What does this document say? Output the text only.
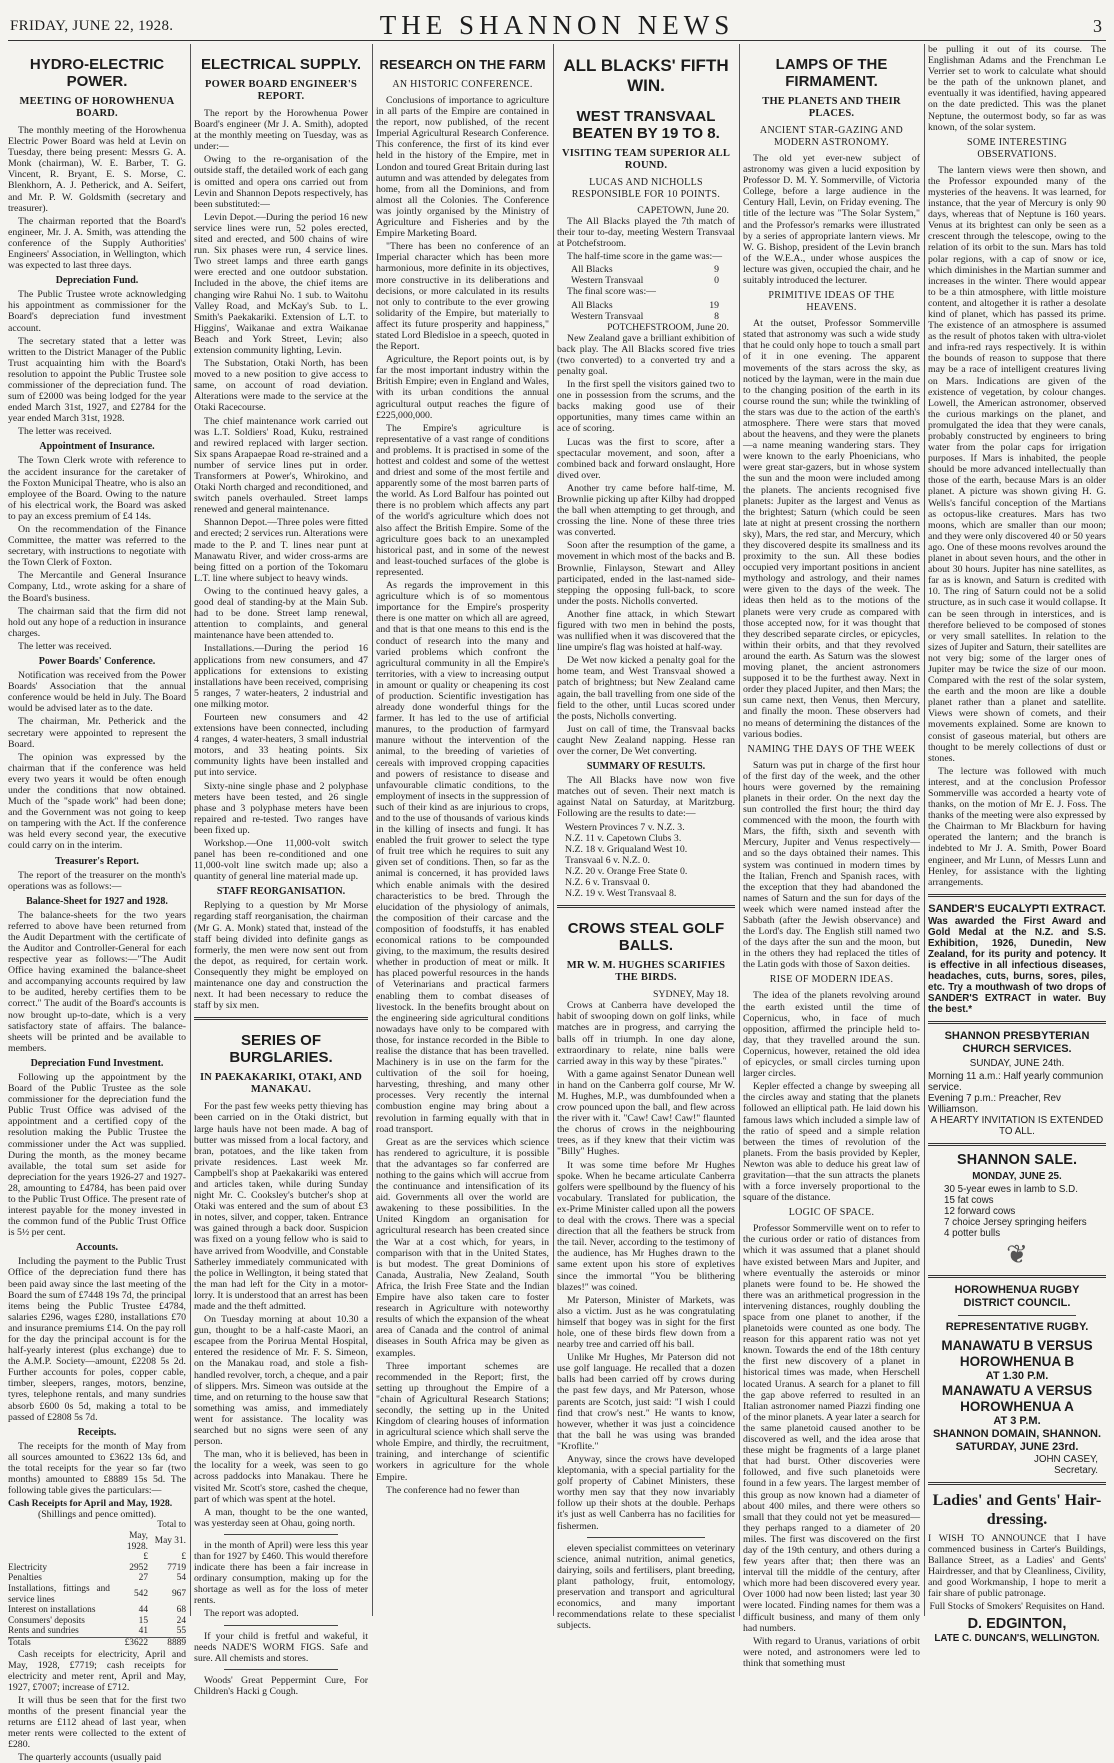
FRIDAY, JUNE 22, 1928.	THE SHANNON NEWS	3
HYDRO-ELECTRIC POWER.
MEETING OF HOROWHENUA BOARD.

The monthly meeting of the Horowhenua Electric Power Board was held at Levin on Tuesday, there being present: Messrs G. A. Monk (chairman), W. E. Barber, T. G. Vincent, R. Bryant, E. S. Morse, C. Blenkhorn, A. J. Petherick, and A. Seifert, and Mr. P. W. Goldsmith (secretary and treasurer).

The chairman reported that the Board's engineer, Mr. J. A. Smith, was attending the conference of the Supply Authorities' Engineers' Association, in Wellington, which was expected to last three days.

Depreciation Fund.

The Public Trustee wrote acknowledging his appointment as commissioner for the Board's depreciation fund investment account.

The secretary stated that a letter was written to the District Manager of the Public Trust acquainting him with the Board's resolution to appoint the Public Trustee sole commissioner of the depreciation fund. The sum of £2000 was being lodged for the year ended March 31st, 1927, and £2784 for the year ended March 31st, 1928.

The letter was received.

Appointment of Insurance.

The Town Clerk wrote with reference to the accident insurance for the caretaker of the Foxton Municipal Theatre, who is also an employee of the Board. Owing to the nature of his electrical work, the Board was asked to pay an excess premium of £4 14s.

On the recommendation of the Finance Committee, the matter was referred to the secretary, with instructions to negotiate with the Town Clerk of Foxton.

The Mercantile and General Insurance Company, Ltd., wrote asking for a share of the Board's business.

The chairman said that the firm did not hold out any hope of a reduction in insurance charges.

The letter was received.

Power Boards' Conference.

Notification was received from the Power Boards' Association that the annual conference would be held in July. The Board would be advised later as to the date.

The chairman, Mr. Petherick and the secretary were appointed to represent the Board.

The opinion was expressed by the chairman that if the conference was held every two years it would be often enough under the conditions that now obtained. Much of the "spade work" had been done; and the Government was not going to keep on tampering with the Act. If the conference was held every second year, the executive could carry on in the interim.

Treasurer's Report.

The report of the treasurer on the month's operations was as follows:—

Balance-Sheet for 1927 and 1928.

The balance-sheets for the two years referred to above have been returned from the Audit Department with the certificate of the Auditor and Controller-General for each respective year as follows:—"The Audit Office having examined the balance-sheet and accompanying accounts required by law to be audited, hereby certifies them to be correct." The audit of the Board's accounts is now brought up-to-date, which is a very satisfactory state of affairs. The balance-sheets will be printed and be available to members.

Depreciation Fund Investment.

Following up the appointment by the Board of the Public Trustee as the sole commissioner for the depreciation fund the Public Trust Office was advised of the appointment and a certified copy of the resolution making the Public Trustee the commissioner under the Act was supplied. During the month, as the money became available, the total sum set aside for depreciation for the years 1926-27 and 1927-28, amounting to £4784, has been paid over to the Public Trust Office. The present rate of interest payable for the money invested in the common fund of the Public Trust Office is 5½ per cent.

Accounts.

Including the payment to the Public Trust Office of the depreciation fund there has been paid away since the last meeting of the Board the sum of £7448 19s 7d, the principal items being the Public Trustee £4784, salaries £296, wages £280, installations £70 and insurance premiums £14. On the pay roll for the day the principal account is for the half-yearly interest (plus exchange) due to the A.M.P. Society—amount, £2208 5s 2d. Further accounts for poles, copper cable, timber, sleepers, ranges, motors, benzine, tyres, telephone rentals, and many sundries absorb £600 0s 5d, making a total to be passed of £2808 5s 7d.

Receipts.

The receipts for the month of May from all sources amounted to £3622 13s 6d, and the total receipts for the year so far (two months) amounted to £8889 15s 5d. The following table gives the particulars:—

Cash Receipts for April and May, 1928.
(Shillings and pence omitted).
		Total to
	May, 1928.	May 31.
	£	£
Electricity	2952	7719
Penalties	27	54
Installations, fittings and service lines	542	967
Interest on installations	44	68
Consumers' deposits	15	24
Rents and sundries	41	55
Totals	£3622	8889

Cash receipts for electricity, April and May, 1928, £7719; cash receipts for electricity and meter rent, April and May, 1927, £7007; increase of £712.

It will thus be seen that for the first two months of the present financial year the returns are £112 ahead of last year, when meter rents were collected to the extent of £280.

The quarterly accounts (usually paid

ELECTRICAL SUPPLY.
POWER BOARD ENGINEER'S REPORT.

The report by the Horowhenua Power Board's engineer (Mr J. A. Smith), adopted at the monthly meeting on Tuesday, was as under:—

Owing to the re-organisation of the outside staff, the detailed work of each gang is omitted and opera ons carried out from Levin and Shannon Depots respectively, has been substituted:—

Levin Depot.—During the period 16 new service lines were run, 52 poles erected, sited and erected, and 500 chains of wire run. Six phases were run, 4 service lines. Two street lamps and three earth gangs were erected and one outdoor substation. Included in the above, the chief items are changing wire Rahui No. 1 sub. to Waitohu Valley Road, and McKay's Sub. to L. Smith's Paekakariki. Extension of L.T. to Higgins', Waikanae and extra Waikanae Beach and York Street, Levin; also extension community lighting, Levin.

The Substation, Otaki North, has been moved to a new position to give access to same, on account of road deviation. Alterations were made to the service at the Otaki Racecourse.

The chief maintenance work carried out was L.T. Soldiers' Road, Kuku, restrained and rewired replaced with larger section. Six spans Arapaepae Road re-strained and a number of service lines put in order. Transformers at Power's, Whirokino, and Otaki North charged and reconditioned, and switch panels overhauled. Street lamps renewed and general maintenance.

Shannon Depot.—Three poles were fitted and erected; 2 services run. Alterations were made to the P. and T. lines near punt at Manawatu River, and wider cross-arms are being fitted on a portion of the Tokomaru L.T. line where subject to heavy winds.

Owing to the continued heavy gales, a good deal of standing-by at the Main Sub. had to be done. Street lamp renewal, attention to complaints, and general maintenance have been attended to.

Installations.—During the period 16 applications from new consumers, and 47 applications for extensions to existing installations have been received, comprising 5 ranges, 7 water-heaters, 2 industrial and one milking motor.

Fourteen new consumers and 42 extensions have been connected, including 4 ranges, 4 water-heaters, 3 small industrial motors, and 33 heating points. Six community lights have been installed and put into service.

Sixty-nine single phase and 2 polyphase meters have been tested, and 26 single phase and 3 polyphase meters have been repaired and re-tested. Two ranges have been fixed up.

Workshop.—One 11,000-volt switch panel has been re-conditioned and one 11,000-volt line switch made up; also a quantity of general line material made up.

STAFF REORGANISATION.

Replying to a question by Mr Morse regarding staff reorganisation, the chairman (Mr G. A. Monk) stated that, instead of the staff being divided into definite gangs as formerly, the men were now sent out from the depot, as required, for certain work. Consequently they might be employed on maintenance one day and construction the next. It had been necessary to reduce the staff by six men.

SERIES OF BURGLARIES.
IN PAEKAKARIKI, OTAKI, AND MANAKAU.

For the past few weeks petty thieving has been carried on in the Otaki district, but large hauls have not been made. A bag of butter was missed from a local factory, and bran, potatoes, and the like taken from private residences. Last week Mr. Campbell's shop at Paekakariki was entered and articles taken, while during Sunday night Mr. C. Cooksley's butcher's shop at Otaki was entered and the sum of about £3 in notes, silver, and copper, taken. Entrance was gained through a back door. Suspicion was fixed on a young fellow who is said to have arrived from Woodville, and Constable Satherley immediately communicated with the police in Wellington, it being stated that the man had left for the City in a motor-lorry. It is understood that an arrest has been made and the theft admitted.

On Tuesday morning at about 10.30 a gun, thought to be a half-caste Maori, an escapee from the Porirua Mental Hospital, entered the residence of Mr. F. S. Simeon, on the Manakau road, and stole a fish-handled revolver, torch, a cheque, and a pair of slippers. Mrs. Simeon was outside at the time, and on returning to the house saw that something was amiss, and immediately went for assistance. The locality was searched but no signs were seen of any person.

The man, who it is believed, has been in the locality for a week, was seen to go across paddocks into Manakau. There he visited Mr. Scott's store, cashed the cheque, part of which was spent at the hotel.

A man, thought to be the one wanted, was yesterday seen at Ohau, going north.

in the month of April) were less this year than for 1927 by £460. This would therefore indicate there has been a fair increase in ordinary consumption, making up for the shortage as well as for the loss of meter rents.

The report was adopted.

If your child is fretful and wakeful, it needs NADE'S WORM FIGS. Safe and sure. All chemists and stores.

Woods' Great Peppermint Cure, For Children's Hacki g Cough.

RESEARCH ON THE FARM
AN HISTORIC CONFERENCE.

Conclusions of importance to agriculture in all parts of the Empire are contained in the report, now published, of the recent Imperial Agricultural Research Conference. This conference, the first of its kind ever held in the history of the Empire, met in London and toured Great Britain during last autumn and was attended by delegates from home, from all the Dominions, and from almost all the Colonies. The Conference was jointly organised by the Ministry of Agriculture and Fisheries and by the Empire Marketing Board.

"There has been no conference of an Imperial character which has been more harmonious, more definite in its objectives, more constructive in its deliberations and decisions, or more calculated in its results not only to contribute to the ever growing solidarity of the Empire, but materially to affect its future prosperity and happiness," stated Lord Bledisloe in a speech, quoted in the Report.

Agriculture, the Report points out, is by far the most important industry within the British Empire; even in England and Wales, with its urban conditions the annual agricultural output reaches the figure of £225,000,000.

The Empire's agriculture is representative of a vast range of conditions and problems. It is practised in some of the hottest and coldest and some of the wettest and driest and some of the most fertile and apparently some of the most barren parts of the world. As Lord Balfour has pointed out there is no problem which affects any part of the world's agriculture which does not also affect the British Empire. Some of the agriculture goes back to an unexampled historical past, and in some of the newest and least-touched surfaces of the globe is represented.

As regards the improvement in this agriculture which is of so momentous importance for the Empire's prosperity there is one matter on which all are agreed, and that is that one means to this end is the conduct of research into the many and varied problems which confront the agricultural community in all the Empire's territories, with a view to increasing output in amount or quality or cheapening its cost of production. Scientific investigation has already done wonderful things for the farmer. It has led to the use of artificial manures, to the production of farmyard manure without the intervention of the animal, to the breeding of varieties of cereals with improved cropping capacities and powers of resistance to disease and unfavourable climatic conditions, to the employment of insects in the suppression of such of their kind as are injurious to crops, and to the use of thousands of various kinds in the killing of insects and fungi. It has enabled the fruit grower to select the type of fruit tree which he requires to suit any given set of conditions. Then, so far as the animal is concerned, it has provided laws which enable animals with the desired characteristics to be bred. Through the elucidation of the physiology of animals, the composition of their carcase and the composition of foodstuffs, it has enabled economical rations to be compounded giving, to the maximum, the results desired whether in production of meat or milk. It has placed powerful resources in the hands of Veterinarians and practical farmers enabling them to combat diseases of livestock. In the benefits brought about on the engineering side agricultural conditions nowadays have only to be compared with those, for instance recorded in the Bible to realise the distance that has been travelled. Machinery is in use on the farm for the cultivation of the soil for hoeing, harvesting, threshing, and many other processes. Very recently the internal combustion engine may bring about a revolution in farming equally with that in road transport.

Great as are the services which science has rendered to agriculture, it is possible that the advantages so far conferred are nothing to the gains which will accrue from the continuance and intensification of its aid. Governments all over the world are awakening to these possibilities. In the United Kingdom an organisation for agricultural research has been created since the War at a cost which, for years, in comparison with that in the United States, is but modest. The great Dominions of Canada, Australia, New Zealand, South Africa, the Irish Free State and the Indian Empire have also taken care to foster research in Agriculture with noteworthy results of which the expansion of the wheat area of Canada and the control of animal diseases in South Africa may be given as examples.

Three important schemes are recommended in the Report; first, the setting up throughout the Empire of a "chain of Agricultural Research Stations; secondly, the setting up in the United Kingdom of clearing houses of information in agricultural science which shall serve the whole Empire, and thirdly, the recruitment, training, and interchange of scientific workers in agriculture for the whole Empire.

The conference had no fewer than

ALL BLACKS' FIFTH WIN.
WEST TRANSVAAL BEATEN BY 19 TO 8.
VISITING TEAM SUPERIOR ALL ROUND.
LUCAS AND NICHOLLS RESPONSIBLE FOR 10 POINTS.
CAPETOWN, June 20.

The All Blacks played the 7th match of their tour to-day, meeting Western Transvaal at Potchefstroom.

The half-time score in the game was:—

All Blacks	9
Western Transvaal	0

The final score was:—

All Blacks	19
Western Transvaal	8
POTCHEFSTROOM, June 20.

New Zealand gave a brilliant exhibition of back play. The All Blacks scored five tries (two converted) to a converted try and a penalty goal.

In the first spell the visitors gained two to one in possession from the scrums, and the backs making good use of their opportunities, many times came within an ace of scoring.

Lucas was the first to score, after a spectacular movement, and soon, after a combined back and forward onslaught, Hore dived over.

Another try came before half-time, M. Brownlie picking up after Kilby had dropped the ball when attempting to get through, and crossing the line. None of these three tries was converted.

Soon after the resumption of the game, a movement in which most of the backs and B. Brownlie, Finlayson, Stewart and Alley participated, ended in the last-named side-stepping the opposing full-back, to score under the posts. Nicholls converted.

Another fine attack, in which Stewart figured with two men in behind the posts, was nullified when it was discovered that the line umpire's flag was hoisted at half-way.

De Wet now kicked a penalty goal for the home team, and West Transvaal showed a patch of brightness; but New Zealand came again, the ball travelling from one side of the field to the other, until Lucas scored under the posts, Nicholls converting.

Just on call of time, the Transvaal backs caught New Zealand napping. Hesse ran over the corner, De Wet converting.

SUMMARY OF RESULTS.

The All Blacks have now won five matches out of seven. Their next match is against Natal on Saturday, at Maritzburg. Following are the results to date:—

Western Provinces 7 v. N.Z. 3.
N.Z. 11 v. Capetown Clubs 3.
N.Z. 18 v. Griqualand West 10.
Transvaal 6 v. N.Z. 0.
N.Z. 20 v. Orange Free State 0.
N.Z. 6 v. Transvaal 0.
N.Z. 19 v. West Transvaal 8.
CROWS STEAL GOLF BALLS.
MR W. M. HUGHES SCARIFIES THE BIRDS.
SYDNEY, May 18.

Crows at Canberra have developed the habit of swooping down on golf links, while matches are in progress, and carrying the balls off in triumph. In one day alone, extraordinary to relate, nine balls were carried away in this way by these "pirates."

With a game against Senator Dunean well in hand on the Canberra golf course, Mr W. M. Hughes, M.P., was dumbfounded when a crow pounced upon the ball, and flew across the river with it. "Caw! Caw! Caw!" flaunted the chorus of crows in the neighbouring trees, as if they knew that their victim was "Billy" Hughes.

It was some time before Mr Hughes spoke. When he became articulate Canberra golfers were spellbound by the fluency of his vocabulary. Translated for publication, the ex-Prime Minister called upon all the powers to deal with the crows. There was a special direction that all the feathers be struck from the tail. Never, according to the testimony of the audience, has Mr Hughes drawn to the same extent upon his store of expletives since the immortal "You be blithering blazes!" was coined.

Mr Paterson, Minister of Markets, was also a victim. Just as he was congratulating himself that bogey was in sight for the first hole, one of these birds flew down from a nearby tree and carried off his ball.

Unlike Mr Hughes, Mr Paterson did not use golf language. He recalled that a dozen balls had been carried off by crows during the past few days, and Mr Paterson, whose parents are Scotch, just said: "I wish I could find that crow's nest." He wants to know, however, whether it was just a coincidence that the ball he was using was branded "Kroflite."

Anyway, since the crows have developed kleptomania, with a special partiality for the golf property of Cabinet Ministers, these worthy men say that they now invariably follow up their shots at the double. Perhaps it's just as well Canberra has no facilities for fishermen.

eleven specialist committees on veterinary science, animal nutrition, animal genetics, dairying, soils and fertilisers, plant breeding, plant pathology, fruit, entomology, preservation and transport and agricultural economics, and many important recommendations relate to these specialist subjects.

LAMPS OF THE FIRMAMENT.
THE PLANETS AND THEIR PLACES.
ANCIENT STAR-GAZING AND MODERN ASTRONOMY.

The old yet ever-new subject of astronomy was given a lucid exposition by Professor D. M. Y. Sommerville, of Victoria College, before a large audience in the Century Hall, Levin, on Friday evening. The title of the lecture was "The Solar System," and the Professor's remarks were illustrated by a series of appropriate lantern views. Mr W. G. Bishop, president of the Levin branch of the W.E.A., under whose auspices the lecture was given, occupied the chair, and he suitably introduced the lecturer.

PRIMITIVE IDEAS OF THE HEAVENS.

At the outset, Professor Sommerville stated that astronomy was such a wide study that he could only hope to touch a small part of it in one evening. The apparent movements of the stars across the sky, as noticed by the layman, were in the main due to the changing position of the earth in its course round the sun; while the twinkling of the stars was due to the action of the earth's atmosphere. There were stars that moved about the heavens, and they were the planets—a name meaning wandering stars. They were known to the early Phoenicians, who were great star-gazers, but in whose system the sun and the moon were included among the planets. The ancients recognised five planets: Jupiter as the largest and Venus as the brightest; Saturn (which could be seen late at night at present crossing the northern sky), Mars, the red star, and Mercury, which they discovered despite its smallness and its proximity to the sun. All these bodies occupied very important positions in ancient mythology and astrology, and their names were given to the days of the week. The ideas then held as to the motions of the planets were very crude as compared with those accepted now, for it was thought that they described separate circles, or epicycles, within their orbits, and that they revolved around the earth. As Saturn was the slowest moving planet, the ancient astronomers supposed it to be the furthest away. Next in order they placed Jupiter, and then Mars; the sun came next, then Venus, then Mercury, and finally the moon. These observers had no means of determining the distances of the various bodies.

NAMING THE DAYS OF THE WEEK

Saturn was put in charge of the first hour of the first day of the week, and the other hours were governed by the remaining planets in their order. On the next day the sun controlled the first hour; the third day commenced with the moon, the fourth with Mars, the fifth, sixth and seventh with Mercury, Jupiter and Venus respectively—and so the days obtained their names. This system was continued in modern times by the Italian, French and Spanish races, with the exception that they had abandoned the names of Saturn and the sun for days of the week which were named instead after the Sabbath (after the Jewish observance) and the Lord's day. The English still named two of the days after the sun and the moon, but in the others they had replaced the titles of the Latin gods with those of Saxon deities.

RISE OF MODERN IDEAS.

The idea of the planets revolving around the earth existed until the time of Copernicus, who, in face of much opposition, affirmed the principle held to-day, that they travelled around the sun. Copernicus, however, retained the old idea of epicycles, or small circles turning upon larger circles.

Kepler effected a change by sweeping all the circles away and stating that the planets followed an elliptical path. He laid down his famous laws which included a simple law of the ratio of speed and a simple relation between the times of revolution of the planets. From the basis provided by Kepler, Newton was able to deduce his great law of gravitation—that the sun attracts the planets with a force inversely proportional to the square of the distance.

LOGIC OF SPACE.

Professor Sommerville went on to refer to the curious order or ratio of distances from which it was assumed that a planet should have existed between Mars and Jupiter, and where eventually the asteroids or minor planets were found to be. He showed the there was an arithmetical progression in the intervening distances, roughly doubling the space from one planet to another, if the planetoids were counted as one body. The reason for this apparent ratio was not yet known. Towards the end of the 18th century the first new discovery of a planet in historical times was made, when Herschell located Uranus. A search for a planet to fill the gap above referred to resulted in an Italian astronomer named Piazzi finding one of the minor planets. A year later a search for the same planetoid caused another to be discovered as well, and the idea arose that these might be fragments of a large planet that had burst. Other discoveries were followed, and five such planetoids were found in a few years. The largest member of this group as now known had a diameter of about 400 miles, and there were others so small that they could not yet be measured—they perhaps ranged to a diameter of 20 miles. The first was discovered on the first day of the 19th century, and others during a few years after that; then there was an interval till the middle of the century, after which more had been discovered every year. Over 1000 had now been listed; last year 30 were located. Finding names for them was a difficult business, and many of them only had numbers.

With regard to Uranus, variations of orbit were noted, and astronomers were led to think that something must

be pulling it out of its course. The Englishman Adams and the Frenchman Le Verrier set to work to calculate what should be the path of the unknown planet, and eventually it was identified, having appeared on the date predicted. This was the planet Neptune, the outermost body, so far as was known, of the solar system.

SOME INTERESTING OBSERVATIONS.

The lantern views were then shown, and the Professor expounded many of the mysteries of the heavens. It was learned, for instance, that the year of Mercury is only 90 days, whereas that of Neptune is 160 years. Venus at its brightest can only be seen as a crescent through the telescope, owing to the relation of its orbit to the sun. Mars has told polar regions, with a cap of snow or ice, which diminishes in the Martian summer and increases in the winter. There would appear to be a thin atmosphere, with little moisture content, and altogether it is rather a desolate kind of planet, which has passed its prime. The existence of an atmosphere is assumed as the result of photos taken with ultra-violet and infra-red rays respectively. It is within the bounds of reason to suppose that there may be a race of intelligent creatures living on Mars. Indications are given of the existence of vegetation, by colour changes. Lowell, the American astronomer, observed the curious markings on the planet, and promulgated the idea that they were canals, probably constructed by engineers to bring water from the polar caps for irrigation purposes. If Mars is inhabited, the people should be more advanced intellectually than those of the earth, because Mars is an older planet. A picture was shown giving H. G. Wells's fanciful conception of the Martians as octopus-like creatures. Mars has two moons, which are smaller than our moon; and they were only discovered 40 or 50 years ago. One of these moons revolves around the planet in about seven hours, and the other in about 30 hours. Jupiter has nine satellites, as far as is known, and Saturn is credited with 10. The ring of Saturn could not be a solid structure, as in such case it would collapse. It can be seen through in interstices, and is therefore believed to be composed of stones or very small satellites. In relation to the sizes of Jupiter and Saturn, their satellites are not very big; some of the larger ones of Jupiter may be twice the size of our moon. Compared with the rest of the solar system, the earth and the moon are like a double planet rather than a planet and satellite. Views were shown of comets, and their movements explained. Some are known to consist of gaseous material, but others are thought to be merely collections of dust or stones.

The lecture was followed with much interest, and at the conclusion Professor Sommerville was accorded a hearty vote of thanks, on the motion of Mr E. J. Foss. The thanks of the meeting were also expressed by the Chairman to Mr Blackburn for having operated the lantern; and the branch is indebted to Mr J. A. Smith, Power Board engineer, and Mr Lunn, of Messrs Lunn and Henley, for assistance with the lighting arrangements.

SANDER'S EUCALYPTI EXTRACT.
Was awarded the First Award and Gold Medal at the N.Z. and S.S. Exhibition, 1926, Dunedin, New Zealand, for its purity and potency. It is effective in all infectious diseases, headaches, cuts, burns, sores, piles, etc. Try a mouthwash of two drops of SANDER'S EXTRACT in water. Buy the best.*
SHANNON PRESBYTERIAN CHURCH SERVICES.
SUNDAY, JUNE 24th.
Morning 11 a.m.: Half yearly communion service.
Evening 7 p.m.: Preacher, Rev Williamson.
A HEARTY INVITATION IS EXTENDED TO ALL.
SHANNON SALE.
MONDAY, JUNE 25.
30 5-year ewes in lamb to S.D.
15 fat cows
12 forward cows
7 choice Jersey springing heifers
4 potter bulls
❦
HOROWHENUA RUGBY DISTRICT COUNCIL.
REPRESENTATIVE RUGBY.
MANAWATU B VERSUS HOROWHENUA B
AT 1.30 P.M.
MANAWATU A VERSUS HOROWHENUA A
AT 3 P.M.
SHANNON DOMAIN, SHANNON. SATURDAY, JUNE 23rd.
JOHN CASEY,
Secretary.
Ladies' and Gents' Hair-dressing.
I WISH TO ANNOUNCE that I have commenced business in Carter's Buildings, Ballance Street, as a Ladies' and Gents' Hairdresser, and that by Cleanliness, Civility, and good Workmanship, I hope to merit a fair share of public patronage.
Full Stocks of Smokers' Requisites on Hand.
D. EDGINTON,
LATE C. DUNCAN'S, WELLINGTON.
